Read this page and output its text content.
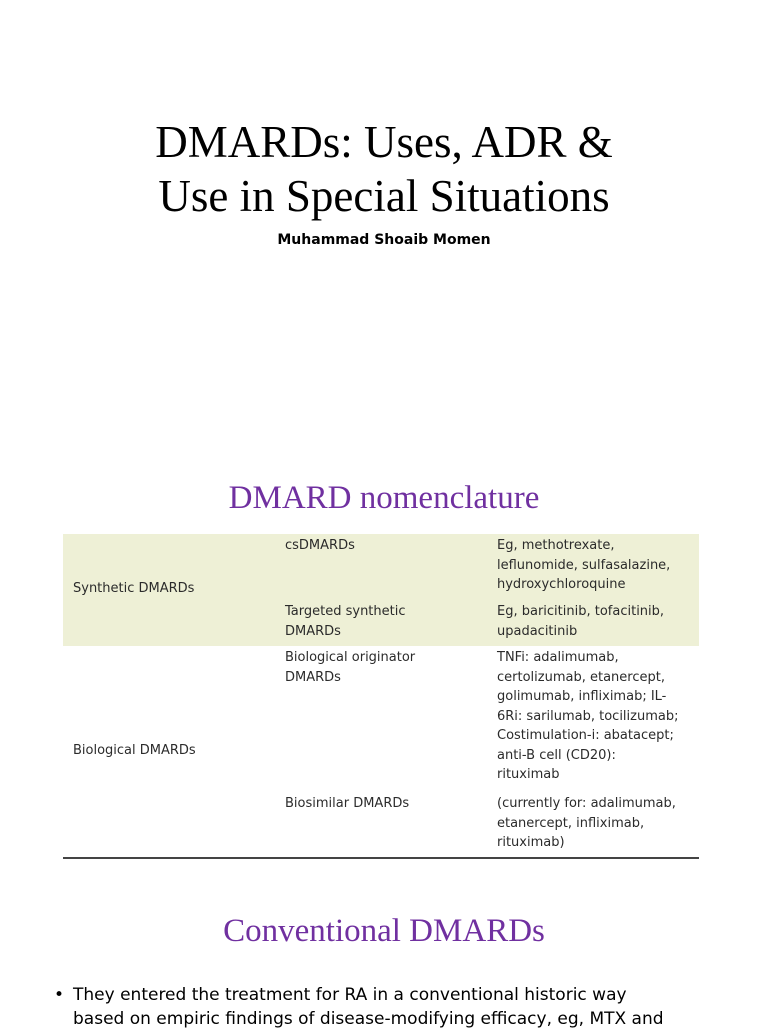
DMARDs: Uses, ADR &
Use in Special Situations
Muhammad Shoaib Momen
DMARD nomenclature
Synthetic DMARDs
csDMARDs	Eg, methotrexate,
leflunomide, sulfasalazine,
hydroxychloroquine
Targeted synthetic
DMARDs
Eg, baricitinib, tofacitinib,
upadacitinib
Biological DMARDs
Biological originator
DMARDs
TNFi: adalimumab,
certolizumab, etanercept,
golimumab, infliximab; IL-
6Ri: sarilumab, tocilizumab;
Costimulation-i: abatacept;
anti-B cell (CD20):
rituximab
Biosimilar DMARDs	(currently for: adalimumab,
etanercept, infliximab,
rituximab)
Conventional DMARDs
• They entered the treatment for RA in a conventional historic way
based on empiric findings of disease-modifying efficacy, eg, MTX and
